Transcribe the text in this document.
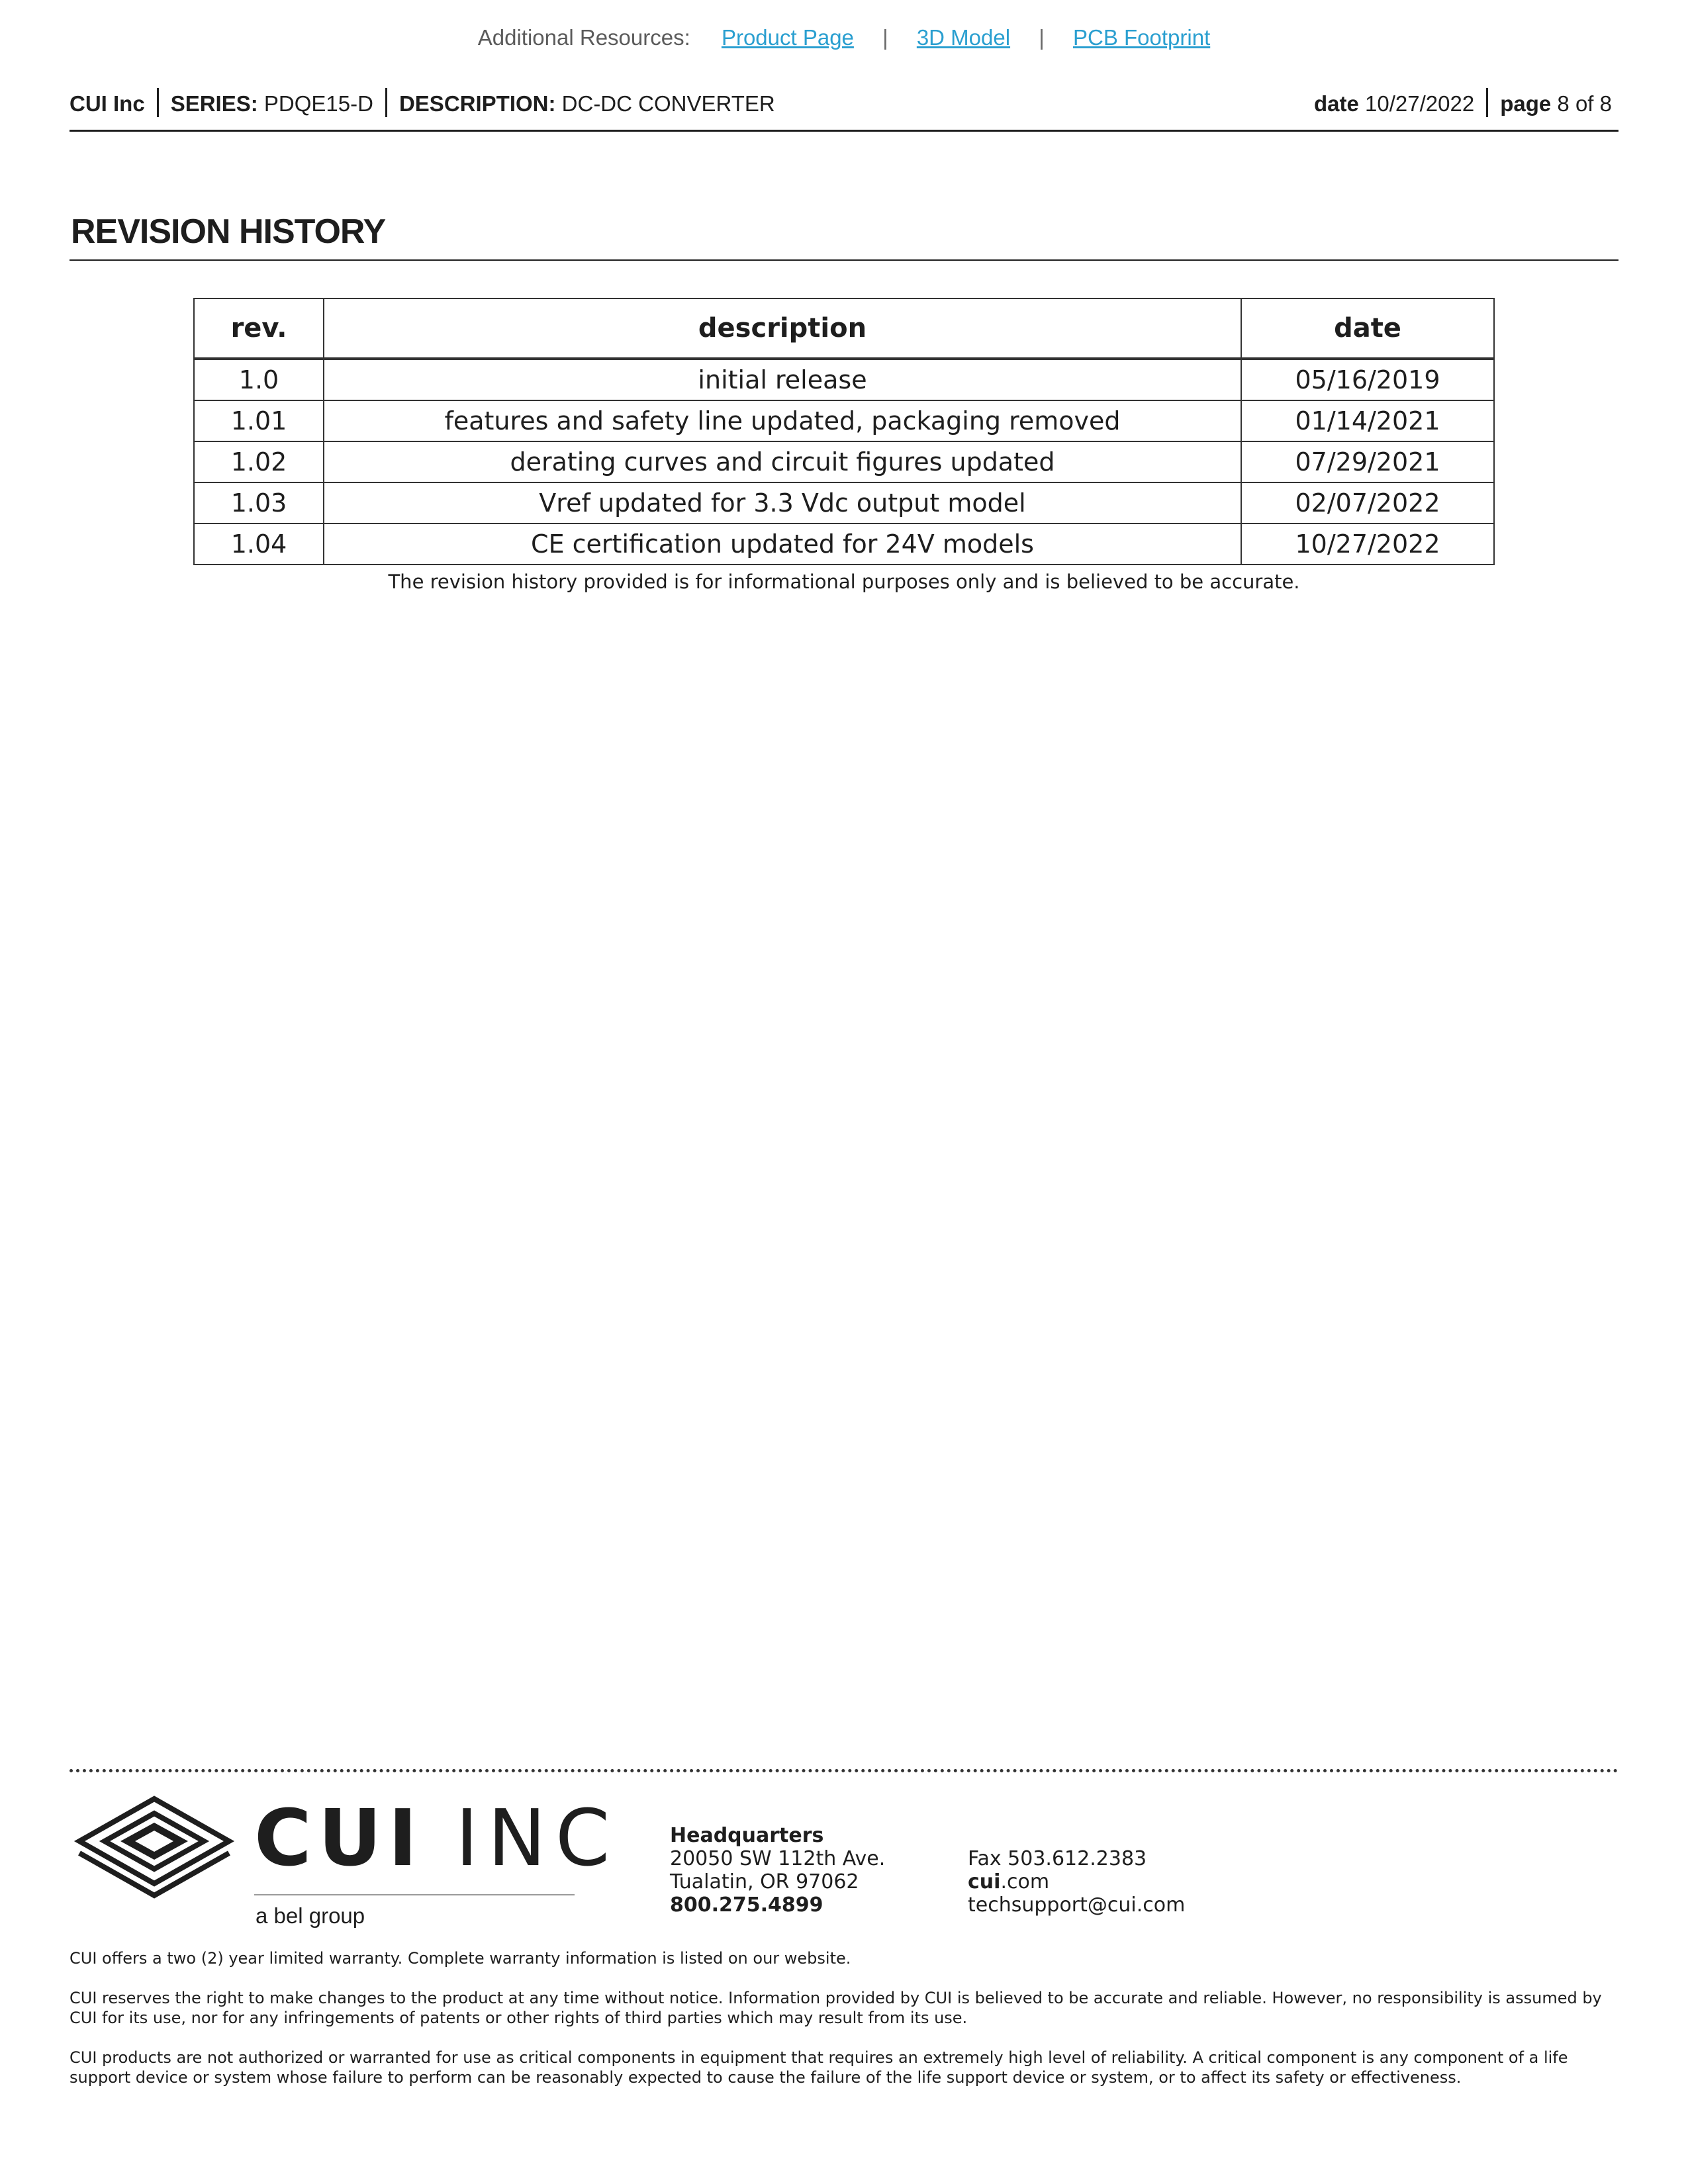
Additional Resources: Product Page | 3D Model | PCB Footprint
CUI Inc SERIES: PDQE15-D DESCRIPTION: DC-DC CONVERTER	date 10/27/2022 page 8 of 8
REVISION HISTORY
rev.	description	date
1.0	initial release	05/16/2019
1.01	features and safety line updated, packaging removed	01/14/2021
1.02	derating curves and circuit figures updated	07/29/2021
1.03	Vref updated for 3.3 Vdc output model	02/07/2022
1.04	CE certification updated for 24V models	10/27/2022
The revision history provided is for informational purposes only and is believed to be accurate.
CUI INC
a bel group
Headquarters
20050 SW 112th Ave.
Tualatin, OR 97062
800.275.4899
Fax 503.612.2383
cui.com
techsupport@cui.com
CUI offers a two (2) year limited warranty. Complete warranty information is listed on our website.
CUI reserves the right to make changes to the product at any time without notice. Information provided by CUI is believed to be accurate and reliable. However, no responsibility is assumed by CUI for its use, nor for any infringements of patents or other rights of third parties which may result from its use.
CUI products are not authorized or warranted for use as critical components in equipment that requires an extremely high level of reliability. A critical component is any component of a life support device or system whose failure to perform can be reasonably expected to cause the failure of the life support device or system, or to affect its safety or effectiveness.
